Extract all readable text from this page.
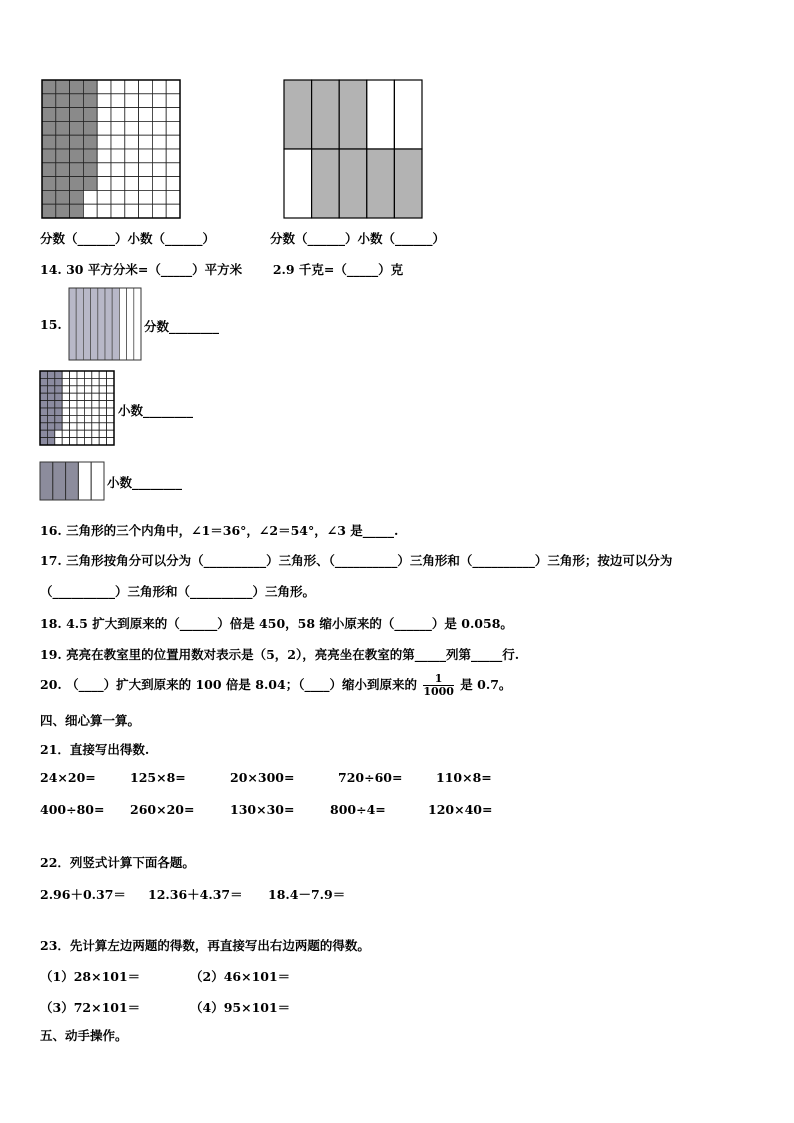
分数（______）小数（______）	分数（______）小数（______）
14. 30 平方分米=（_____）平方米 2.9 千克=（_____）克
15.	分数________
小数________
小数________
16. 三角形的三个内角中，∠1＝36°，∠2＝54°，∠3 是_____.
17. 三角形按角分可以分为（__________）三角形、（__________）三角形和（__________）三角形；按边可以分为
（__________）三角形和（__________）三角形。
18. 4.5 扩大到原来的（______）倍是 450，58 缩小原来的（______）是 0.058。
19. 亮亮在教室里的位置用数对表示是（5，2），亮亮坐在教室的第_____列第_____行.
20. （____）扩大到原来的 100 倍是 8.04；（____）缩小到原来的 $\frac{1}{1000}$ 是 0.7。
四、细心算一算。
21．直接写出得数.
24×20=	125×8=	20×300=	720÷60=	110×8=
400÷80= 260×20=	130×30=	800÷4=	120×40=
22．列竖式计算下面各题。
2.96＋0.37＝ 12.36＋4.37＝ 18.4－7.9＝
23．先计算左边两题的得数，再直接写出右边两题的得数。
（1）28×101＝	（2）46×101＝
（3）72×101＝	（4）95×101＝
五、动手操作。
